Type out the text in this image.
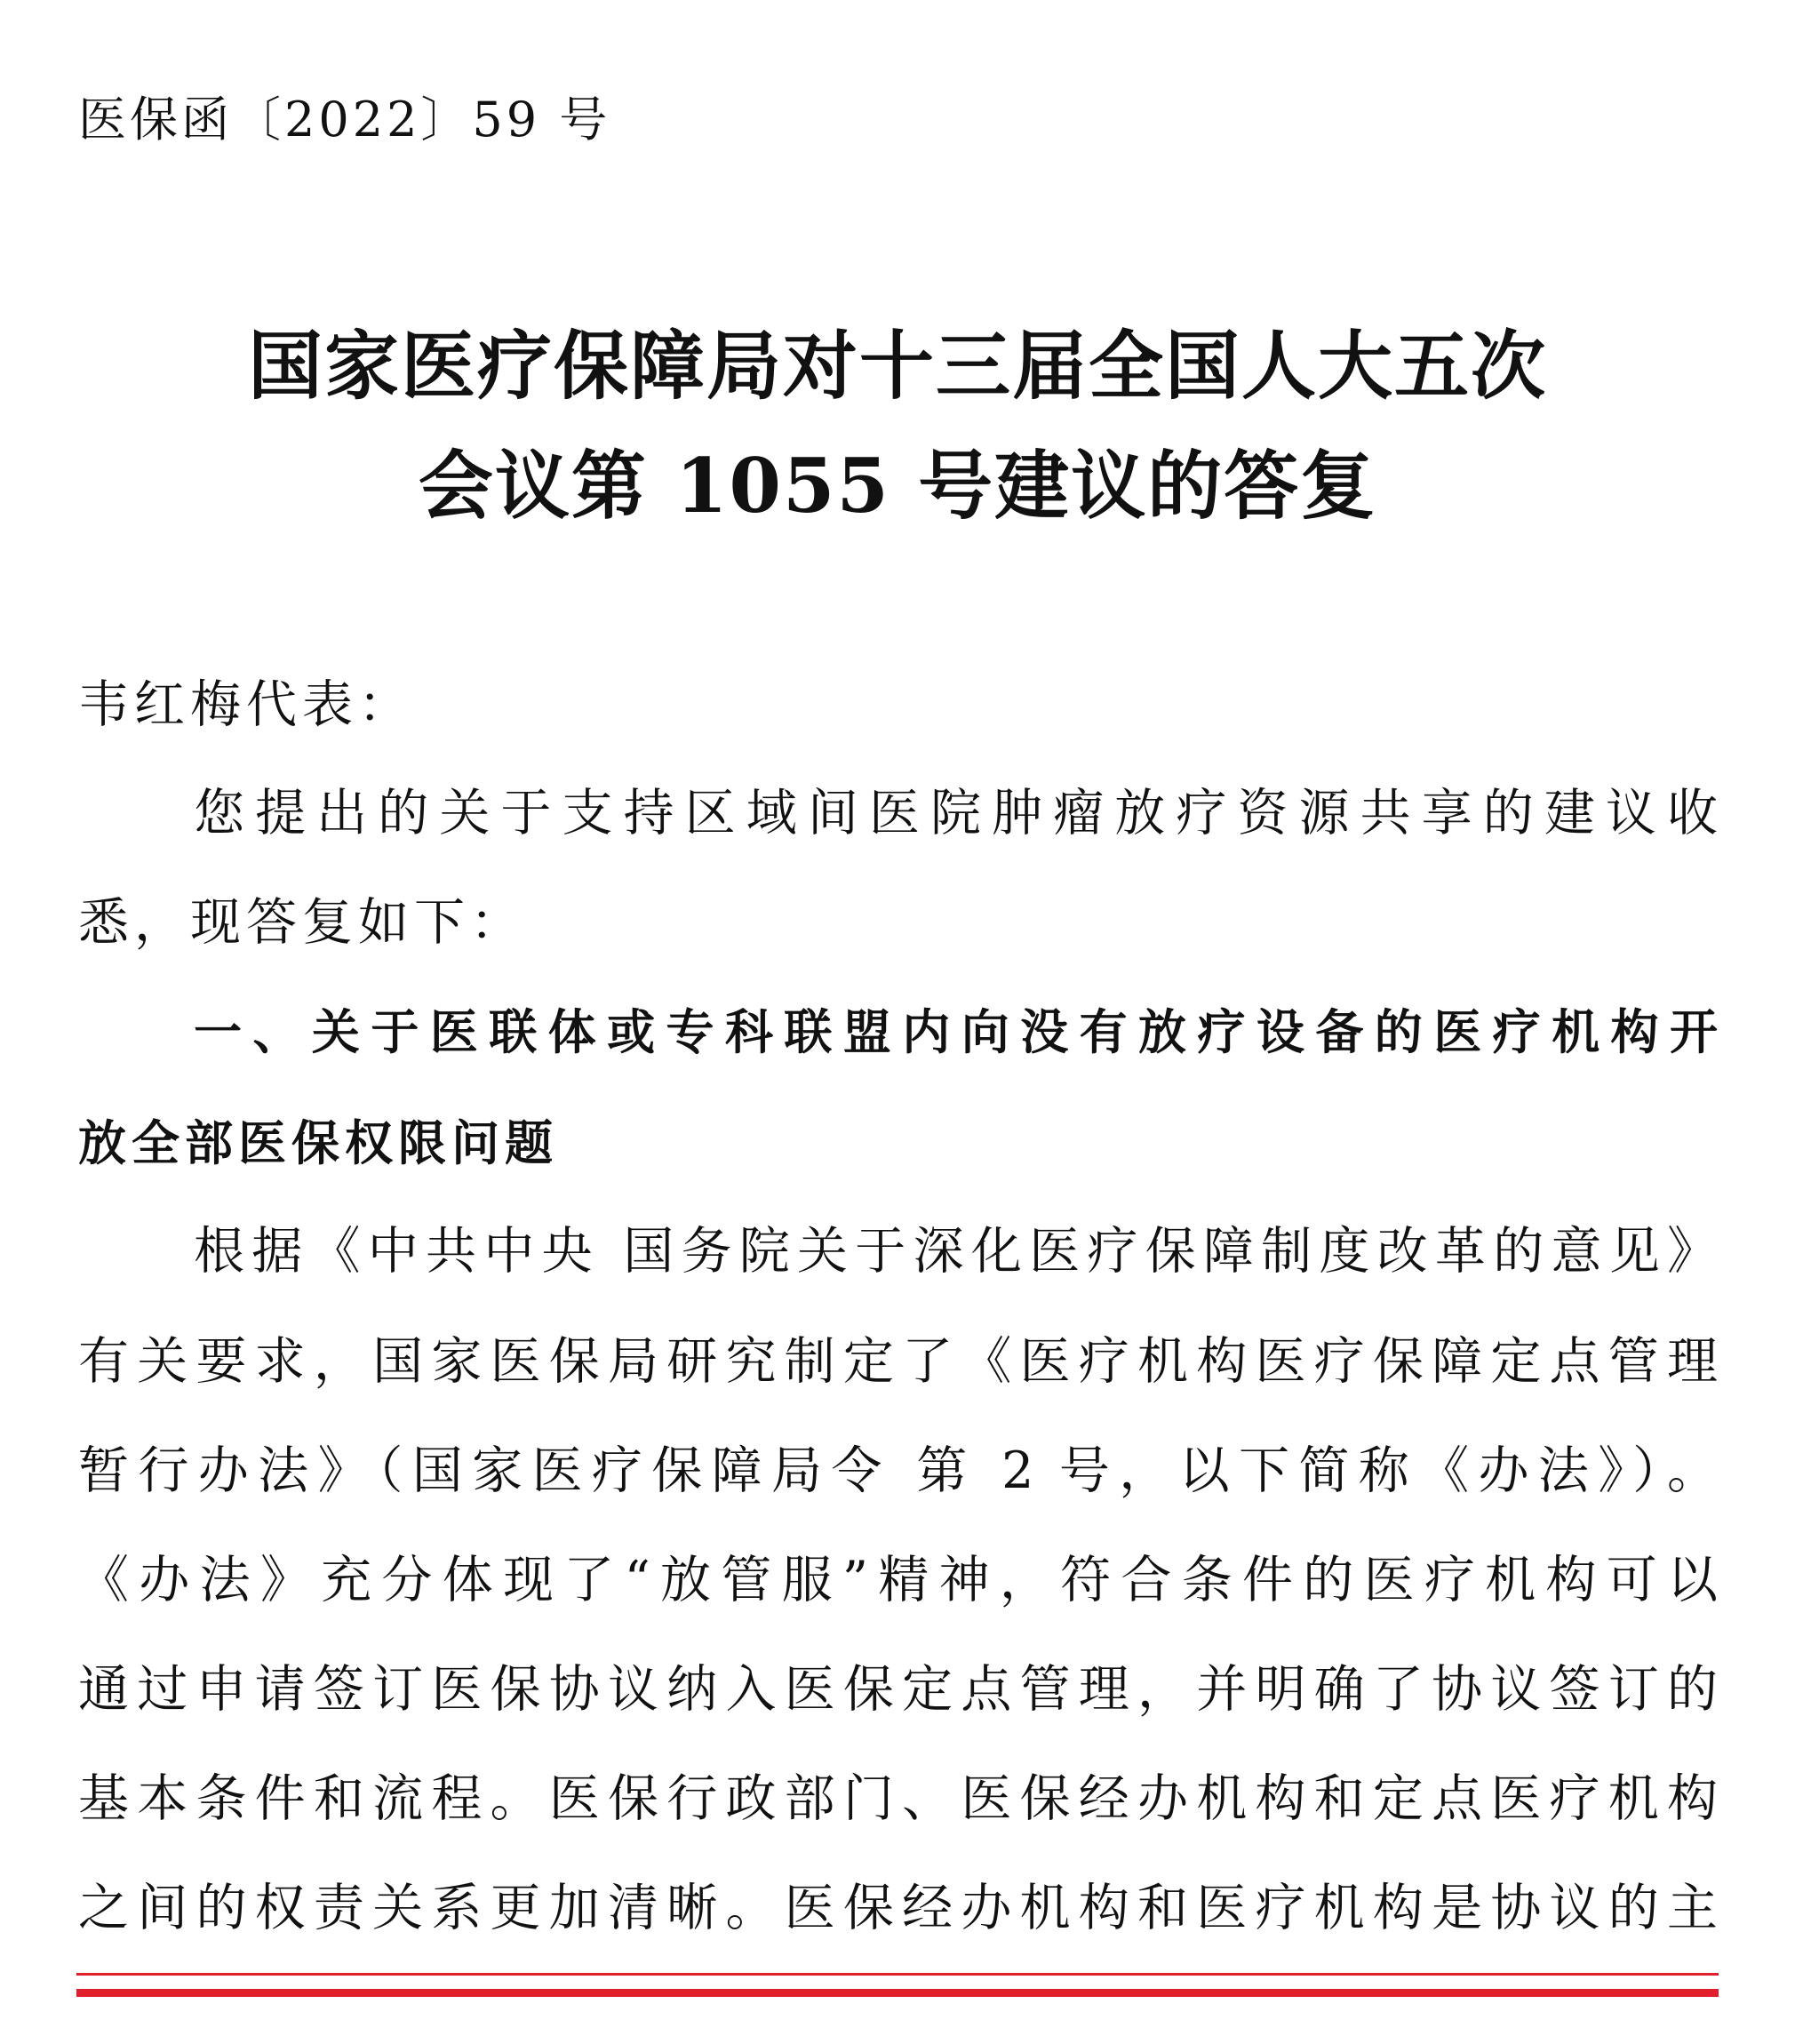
医保函〔2022〕59 号
国家医疗保障局对十三届全国人大五次
会议第 1055 号建议的答复
韦红梅代表：
您提出的关于支持区域间医院肿瘤放疗资源共享的建议收
悉，现答复如下：
一、关于医联体或专科联盟内向没有放疗设备的医疗机构开
放全部医保权限问题
根据《中共中央 国务院关于深化医疗保障制度改革的意见》
有关要求，国家医保局研究制定了《医疗机构医疗保障定点管理
暂行办法》（国家医疗保障局令 第 2 号，以下简称《办法》）。
《办法》充分体现了“放管服”精神，符合条件的医疗机构可以
通过申请签订医保协议纳入医保定点管理，并明确了协议签订的
基本条件和流程。医保行政部门、医保经办机构和定点医疗机构
之间的权责关系更加清晰。医保经办机构和医疗机构是协议的主
